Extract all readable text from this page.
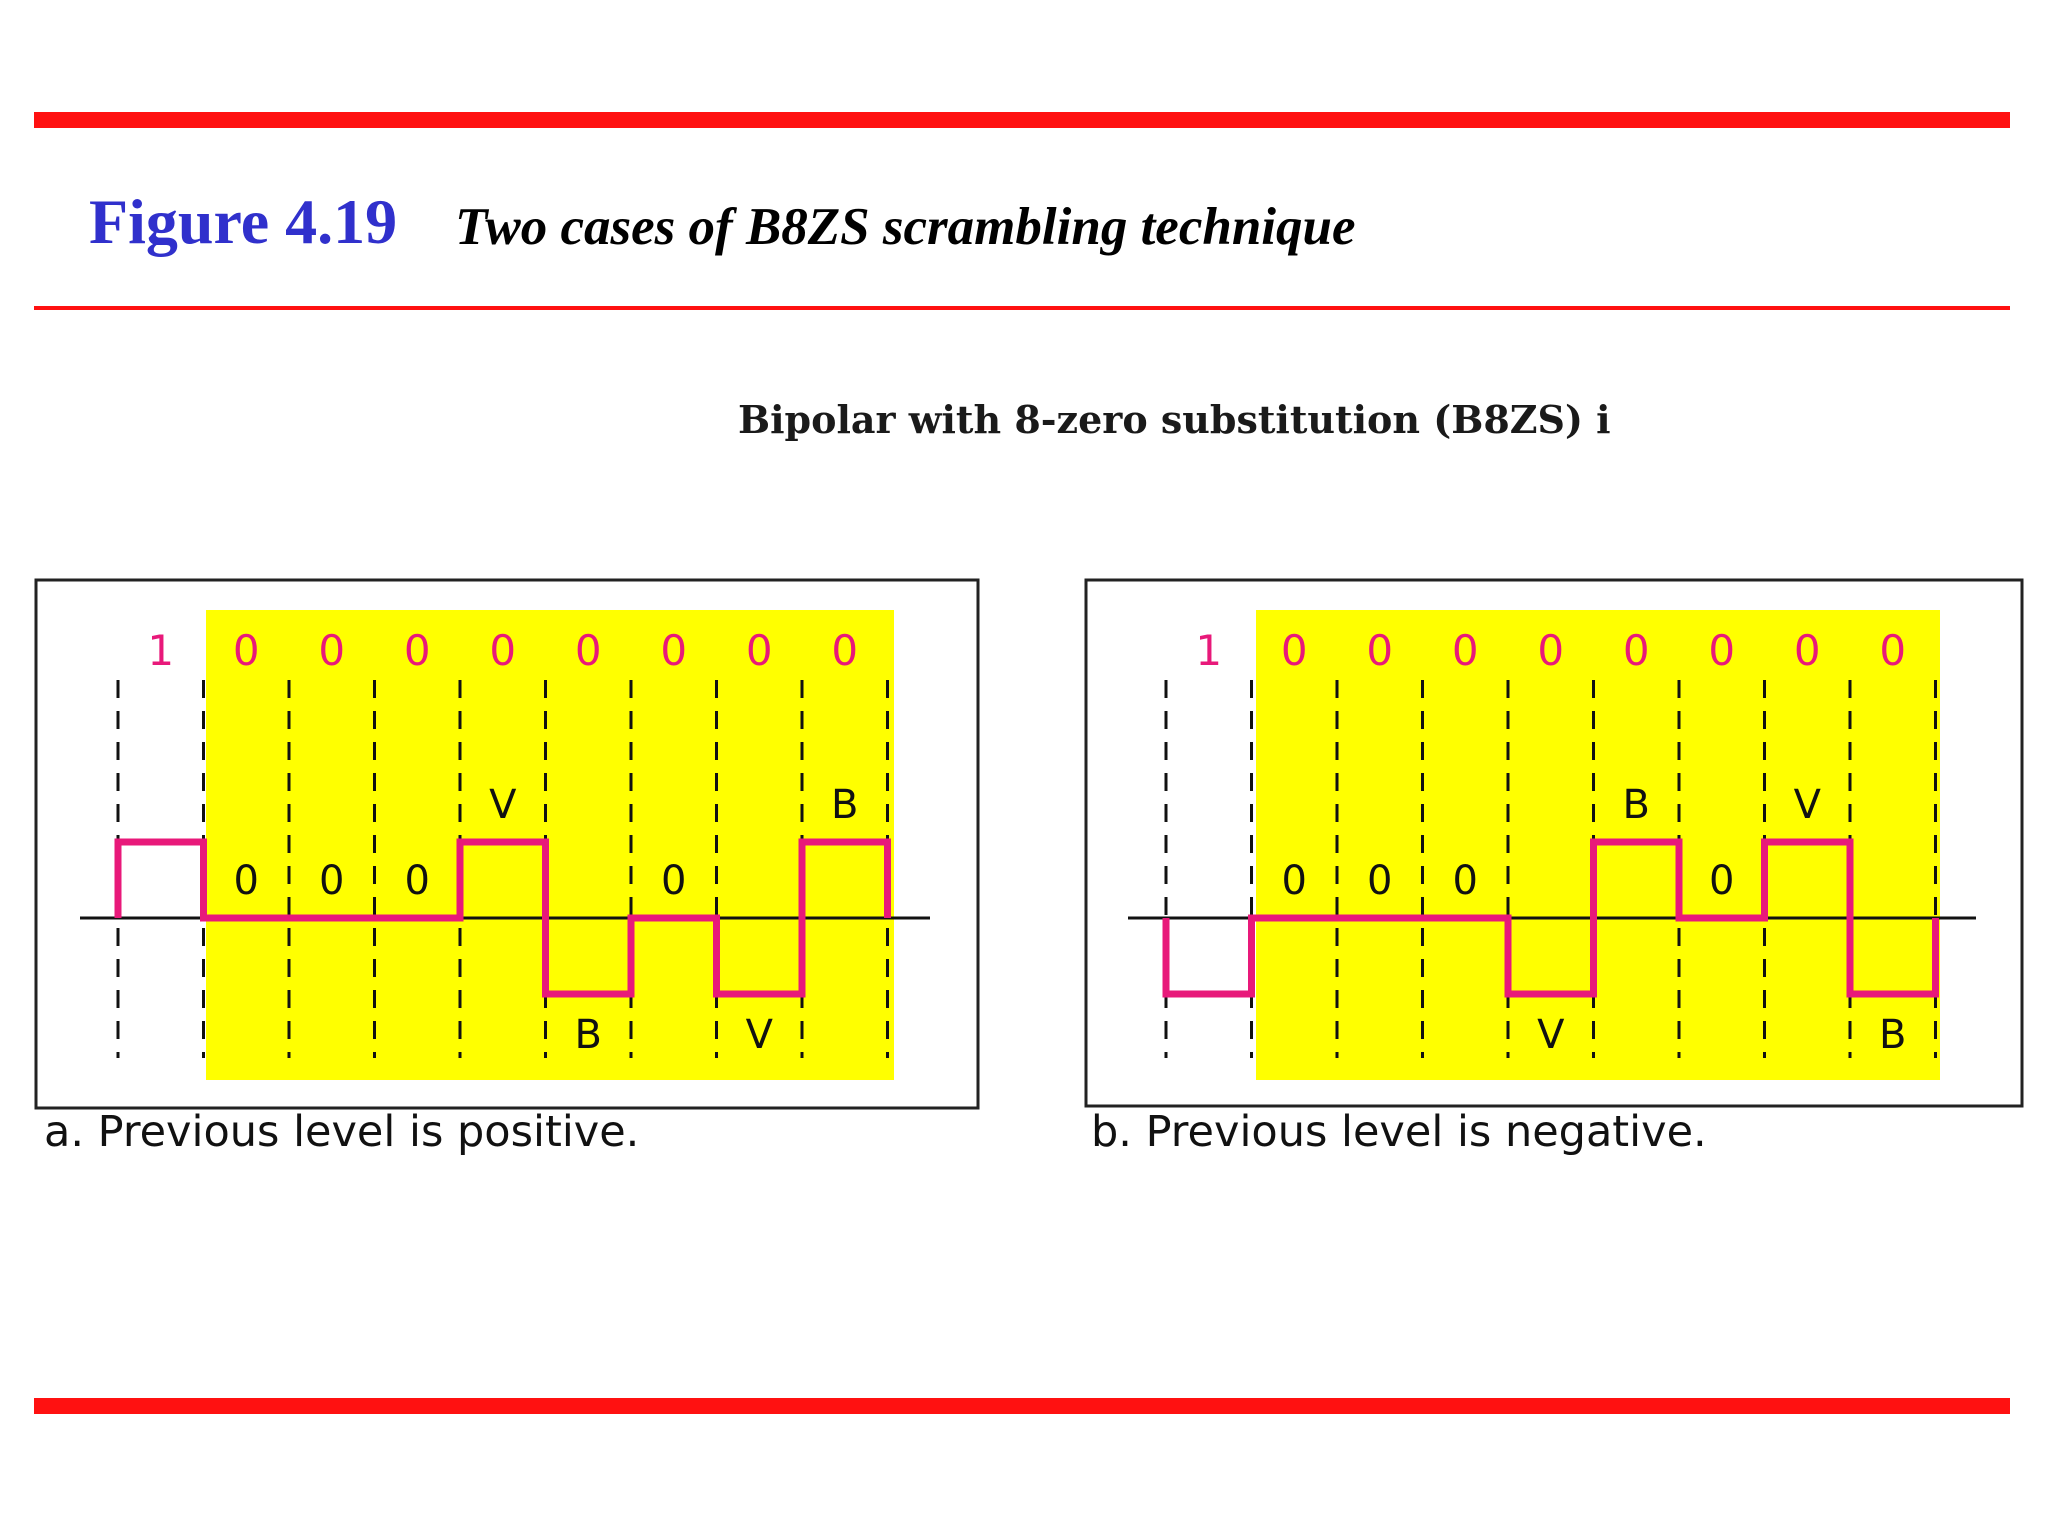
Figure 4.19 Two cases of B8ZS scrambling technique
Bipolar with 8-zero substitution (B8ZS) i
1 0 0 0 0 0 0 0 0
0 0 0
V
B
0
V
B
1 0 0 0 0 0 0 0 0
0 0 0
V
B
0
V
B
a. Previous level is positive.	b. Previous level is negative.
